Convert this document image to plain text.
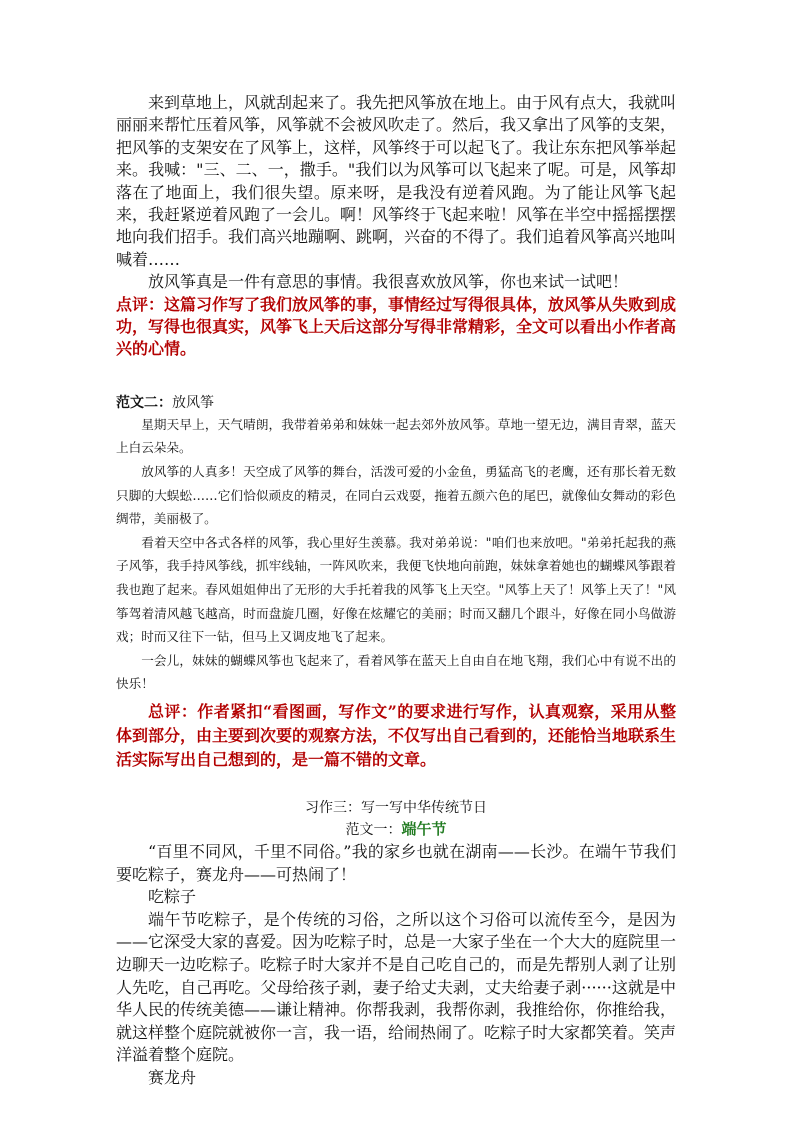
来到草地上，风就刮起来了。我先把风筝放在地上。由于风有点大，我就叫丽丽来帮忙压着风筝，风筝就不会被风吹走了。然后，我又拿出了风筝的支架，把风筝的支架安在了风筝上，这样，风筝终于可以起飞了。我让东东把风筝举起来。我喊："三、二、一，撒手。"我们以为风筝可以飞起来了呢。可是，风筝却落在了地面上，我们很失望。原来呀，是我没有逆着风跑。为了能让风筝飞起来，我赶紧逆着风跑了一会儿。啊！风筝终于飞起来啦！风筝在半空中摇摇摆摆地向我们招手。我们高兴地蹦啊、跳啊，兴奋的不得了。我们追着风筝高兴地叫喊着……

放风筝真是一件有意思的事情。我很喜欢放风筝，你也来试一试吧！

点评：这篇习作写了我们放风筝的事，事情经过写得很具体，放风筝从失败到成功，写得也很真实，风筝飞上天后这部分写得非常精彩，全文可以看出小作者高兴的心情。

范文二：放风筝

星期天早上，天气晴朗，我带着弟弟和妹妹一起去郊外放风筝。草地一望无边，满目青翠，蓝天上白云朵朵。

放风筝的人真多！天空成了风筝的舞台，活泼可爱的小金鱼，勇猛高飞的老鹰，还有那长着无数只脚的大蜈蚣……它们恰似顽皮的精灵，在同白云戏耍，拖着五颜六色的尾巴，就像仙女舞动的彩色绸带，美丽极了。

看着天空中各式各样的风筝，我心里好生羡慕。我对弟弟说："咱们也来放吧。"弟弟托起我的燕子风筝，我手持风筝线，抓牢线轴，一阵风吹来，我便飞快地向前跑，妹妹拿着她也的蝴蝶风筝跟着我也跑了起来。春风姐姐伸出了无形的大手托着我的风筝飞上天空。"风筝上天了！风筝上天了！"风筝驾着清风越飞越高，时而盘旋几圈，好像在炫耀它的美丽；时而又翻几个跟斗，好像在同小鸟做游戏；时而又往下一钻，但马上又调皮地飞了起来。

一会儿，妹妹的蝴蝶风筝也飞起来了，看着风筝在蓝天上自由自在地飞翔，我们心中有说不出的快乐！

总评：作者紧扣“看图画，写作文”的要求进行写作，认真观察，采用从整体到部分，由主要到次要的观察方法，不仅写出自己看到的，还能恰当地联系生活实际写出自己想到的，是一篇不错的文章。

习作三：写一写中华传统节日

范文一：端午节

“百里不同风，千里不同俗。”我的家乡也就在湖南——长沙。在端午节我们要吃粽子，赛龙舟——可热闹了！

吃粽子

端午节吃粽子，是个传统的习俗，之所以这个习俗可以流传至今，是因为——它深受大家的喜爱。因为吃粽子时，总是一大家子坐在一个大大的庭院里一边聊天一边吃粽子。吃粽子时大家并不是自己吃自己的，而是先帮别人剥了让别人先吃，自己再吃。父母给孩子剥，妻子给丈夫剥，丈夫给妻子剥······这就是中华人民的传统美德——谦让精神。你帮我剥，我帮你剥，我推给你，你推给我，就这样整个庭院就被你一言，我一语，给闹热闹了。吃粽子时大家都笑着。笑声洋溢着整个庭院。

赛龙舟
